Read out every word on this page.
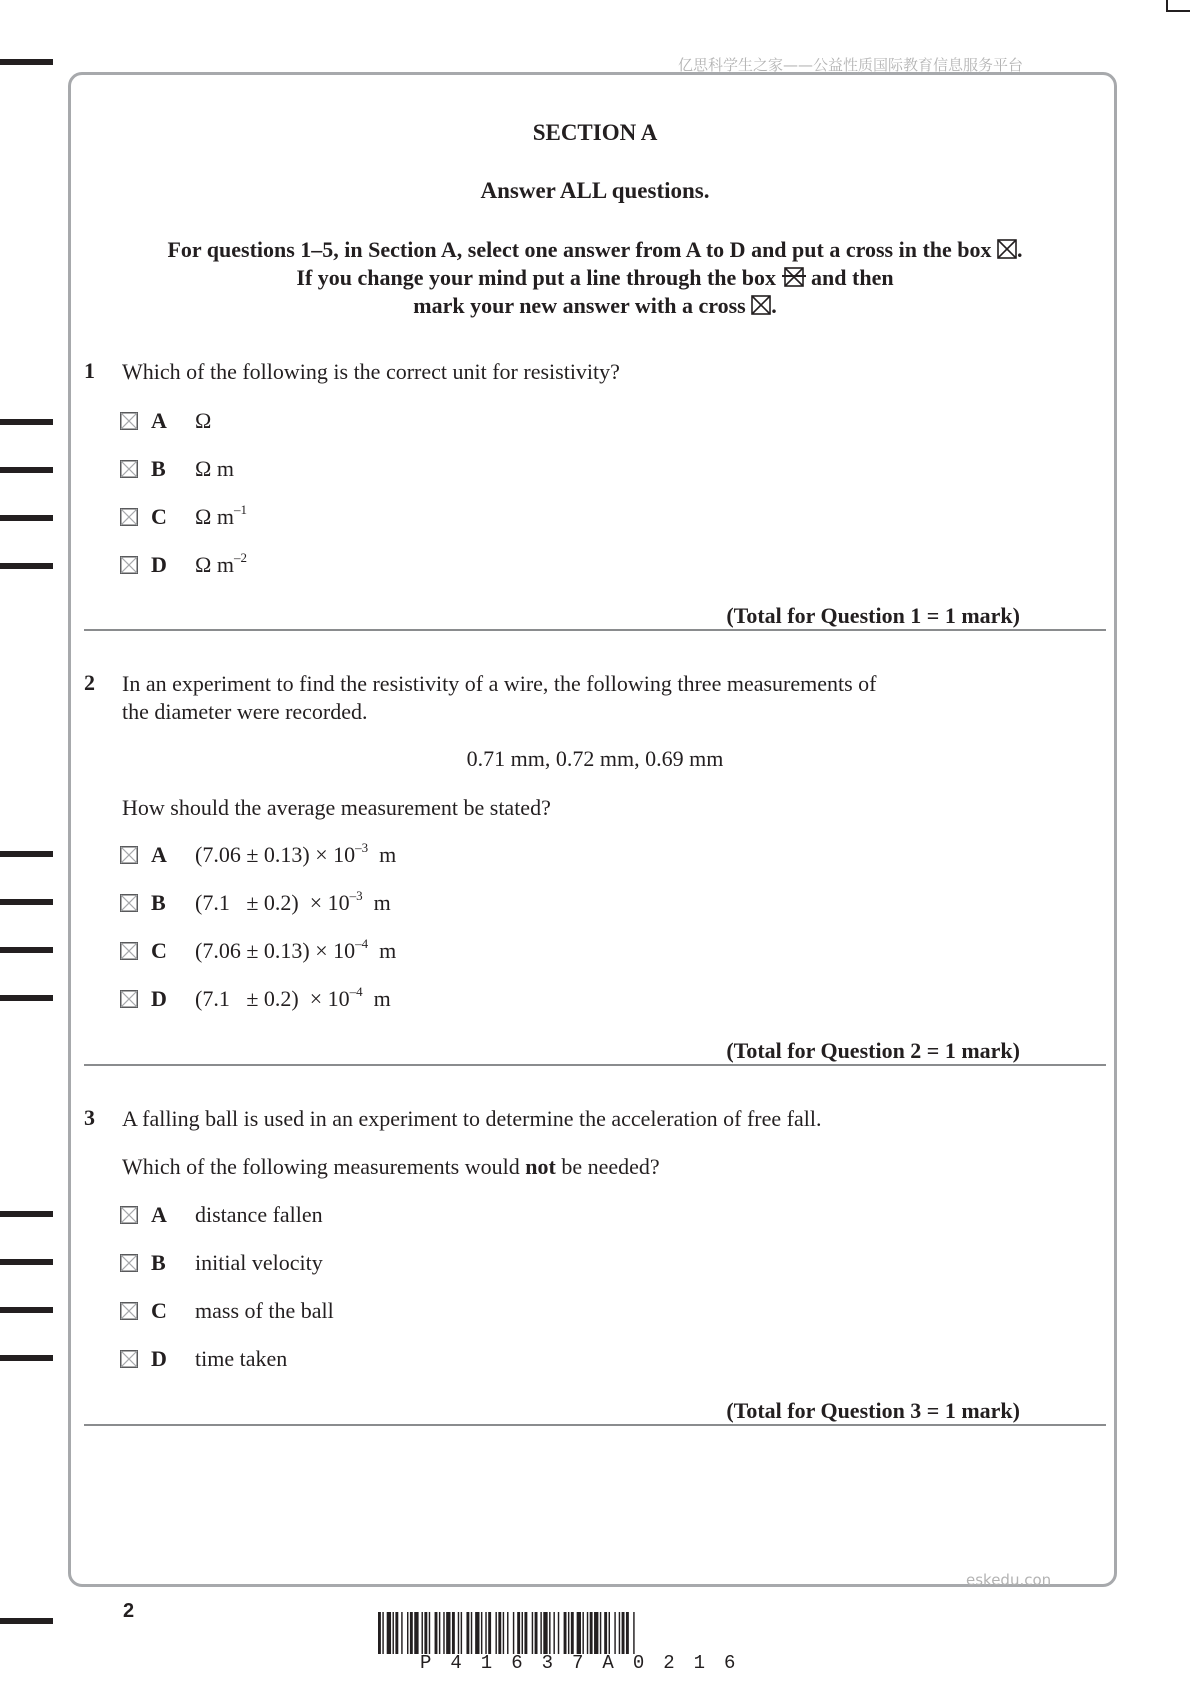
亿思科学生之家——公益性质国际教育信息服务平台
SECTION A
Answer ALL questions.
For questions 1–5, in Section A, select one answer from A to D and put a cross in the box ☒.
If you change your mind put a line through the box and then
mark your new answer with a cross ☒.
1 Which of the following is the correct unit for resistivity?
A Ω
B Ω m
C Ω $m^{-1}$
D Ω $m^{-2}$
(Total for Question 1 = 1 mark)
2 In an experiment to find the resistivity of a wire, the following three measurements of
the diameter were recorded.
0.71 mm, 0.72 mm, 0.69 mm
How should the average measurement be stated?
A $(7.06 \pm 0.13) \times 10^{-3}$ m
B $(7.1 \pm 0.2) \times 10^{-3}$ m
C $(7.06 \pm 0.13) \times 10^{-4}$ m
D $(7.1 \pm 0.2) \times 10^{-4}$ m
(Total for Question 2 = 1 mark)
3 A falling ball is used in an experiment to determine the acceleration of free fall.
Which of the following measurements would not be needed?
A distance fallen
B initial velocity
C mass of the ball
D time taken
(Total for Question 3 = 1 mark)
eskedu.con
2
P41637A0216
